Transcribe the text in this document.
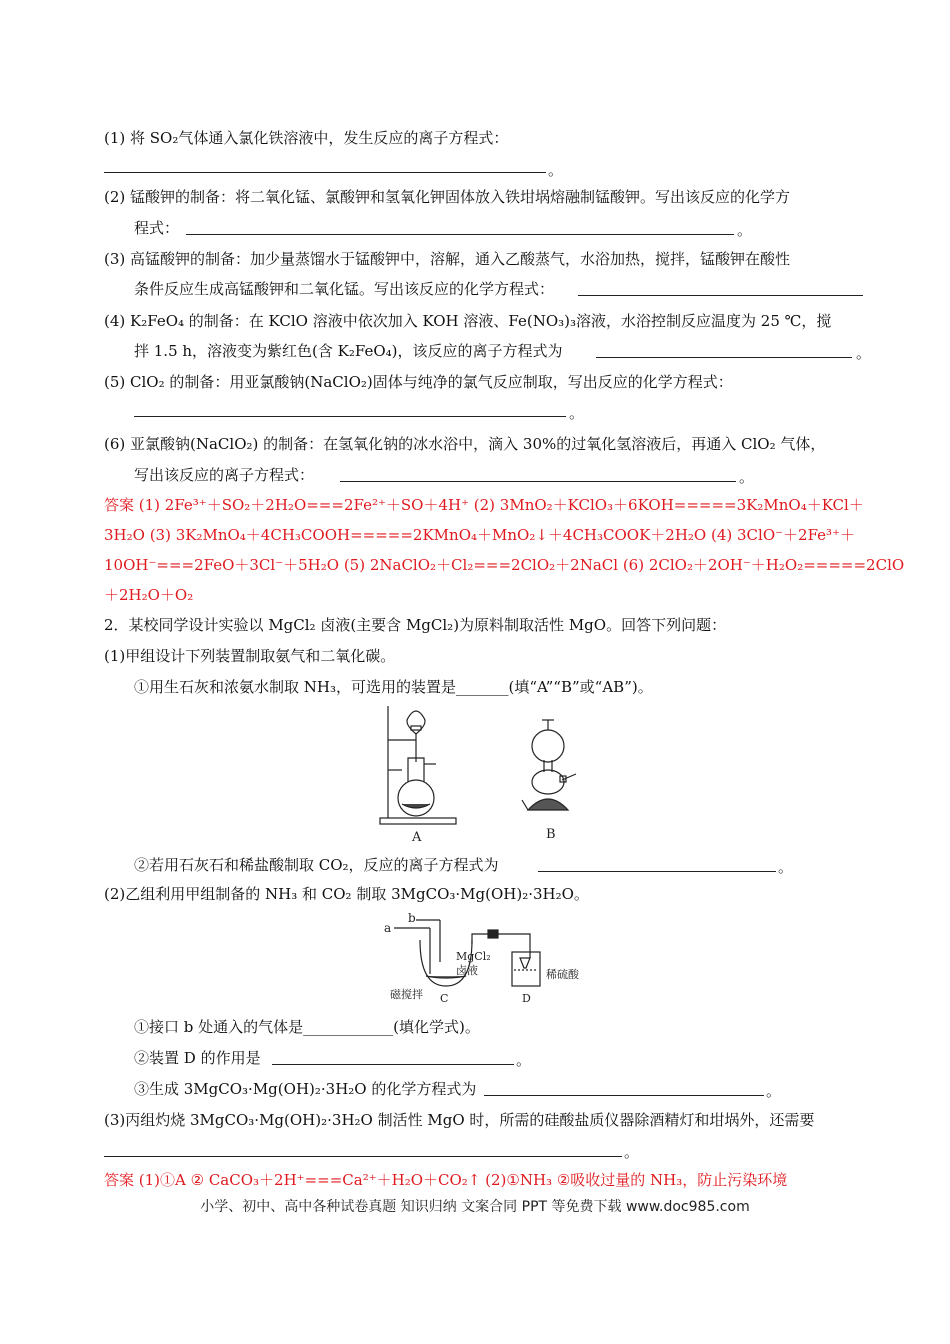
(1) 将 SO₂气体通入氯化铁溶液中，发生反应的离子方程式：
。
(2) 锰酸钾的制备：将二氧化锰、氯酸钾和氢氧化钾固体放入铁坩埚熔融制锰酸钾。写出该反应的化学方
程式：	。
(3) 高锰酸钾的制备：加少量蒸馏水于锰酸钾中，溶解，通入乙酸蒸气，水浴加热，搅拌，锰酸钾在酸性
条件反应生成高锰酸钾和二氧化锰。写出该反应的化学方程式：
(4) K₂FeO₄ 的制备：在 KClO 溶液中依次加入 KOH 溶液、Fe(NO₃)₃溶液，水浴控制反应温度为 25 ℃，搅
拌 1.5 h，溶液变为紫红色(含 K₂FeO₄)，该反应的离子方程式为	。
(5) ClO₂ 的制备：用亚氯酸钠(NaClO₂)固体与纯净的氯气反应制取，写出反应的化学方程式：
。
(6) 亚氯酸钠(NaClO₂) 的制备：在氢氧化钠的冰水浴中，滴入 30%的过氧化氢溶液后，再通入 ClO₂ 气体，
写出该反应的离子方程式：	。
答案 (1) 2Fe³⁺＋SO₂＋2H₂O===2Fe²⁺＋SO＋4H⁺ (2) 3MnO₂＋KClO₃＋6KOH=====3K₂MnO₄＋KCl＋
3H₂O (3) 3K₂MnO₄＋4CH₃COOH=====2KMnO₄＋MnO₂↓＋4CH₃COOK＋2H₂O (4) 3ClO⁻＋2Fe³⁺＋
10OH⁻===2FeO＋3Cl⁻＋5H₂O (5) 2NaClO₂＋Cl₂===2ClO₂＋2NaCl (6) 2ClO₂＋2OH⁻＋H₂O₂=====2ClO
＋2H₂O＋O₂
2．某校同学设计实验以 MgCl₂ 卤液(主要含 MgCl₂)为原料制取活性 MgO。回答下列问题：
(1)甲组设计下列装置制取氨气和二氧化碳。
①用生石灰和浓氨水制取 NH₃，可选用的装置是_______(填“A”“B”或“AB”)。
A	B
②若用石灰石和稀盐酸制取 CO₂，反应的离子方程式为	。
(2)乙组利用甲组制备的 NH₃ 和 CO₂ 制取 3MgCO₃·Mg(OH)₂·3H₂O。
a
b
MgCl₂
卤液
磁搅拌 C	D
稀硫酸
①接口 b 处通入的气体是____________(填化学式)。
②装置 D 的作用是	。
③生成 3MgCO₃·Mg(OH)₂·3H₂O 的化学方程式为	。
(3)丙组灼烧 3MgCO₃·Mg(OH)₂·3H₂O 制活性 MgO 时，所需的硅酸盐质仪器除酒精灯和坩埚外，还需要
。
答案 (1)①A ② CaCO₃＋2H⁺===Ca²⁺＋H₂O＋CO₂↑ (2)①NH₃ ②吸收过量的 NH₃，防止污染环境
小学、初中、高中各种试卷真题 知识归纳 文案合同 PPT 等免费下载 www.doc985.com
